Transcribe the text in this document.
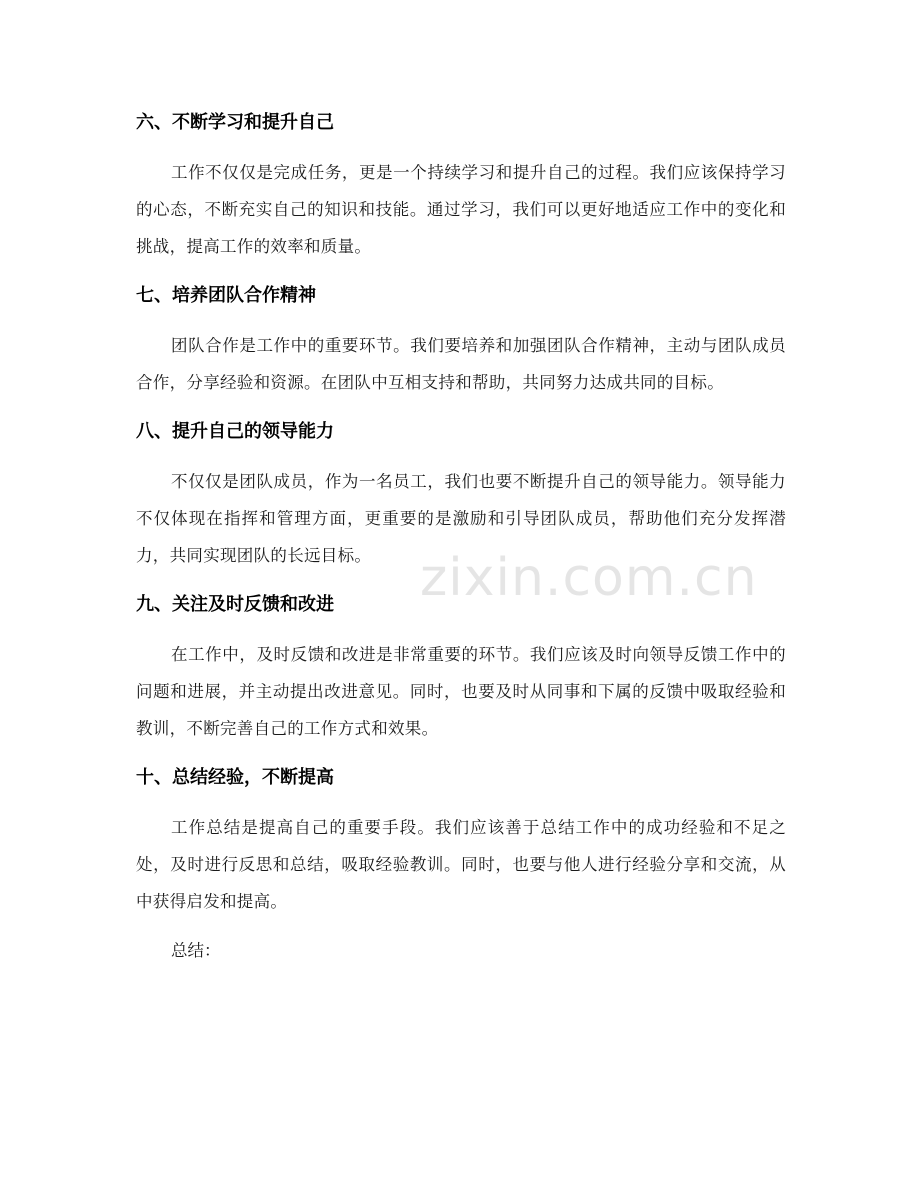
六、不断学习和提升自己

工作不仅仅是完成任务，更是一个持续学习和提升自己的过程。我们应该保持学习的心态，不断充实自己的知识和技能。通过学习，我们可以更好地适应工作中的变化和挑战，提高工作的效率和质量。

七、培养团队合作精神

团队合作是工作中的重要环节。我们要培养和加强团队合作精神，主动与团队成员合作，分享经验和资源。在团队中互相支持和帮助，共同努力达成共同的目标。

八、提升自己的领导能力

不仅仅是团队成员，作为一名员工，我们也要不断提升自己的领导能力。领导能力不仅体现在指挥和管理方面，更重要的是激励和引导团队成员，帮助他们充分发挥潜力，共同实现团队的长远目标。

九、关注及时反馈和改进

在工作中，及时反馈和改进是非常重要的环节。我们应该及时向领导反馈工作中的问题和进展，并主动提出改进意见。同时，也要及时从同事和下属的反馈中吸取经验和教训，不断完善自己的工作方式和效果。

十、总结经验，不断提高

工作总结是提高自己的重要手段。我们应该善于总结工作中的成功经验和不足之处，及时进行反思和总结，吸取经验教训。同时，也要与他人进行经验分享和交流，从中获得启发和提高。

总结：

zixin.com.cn
